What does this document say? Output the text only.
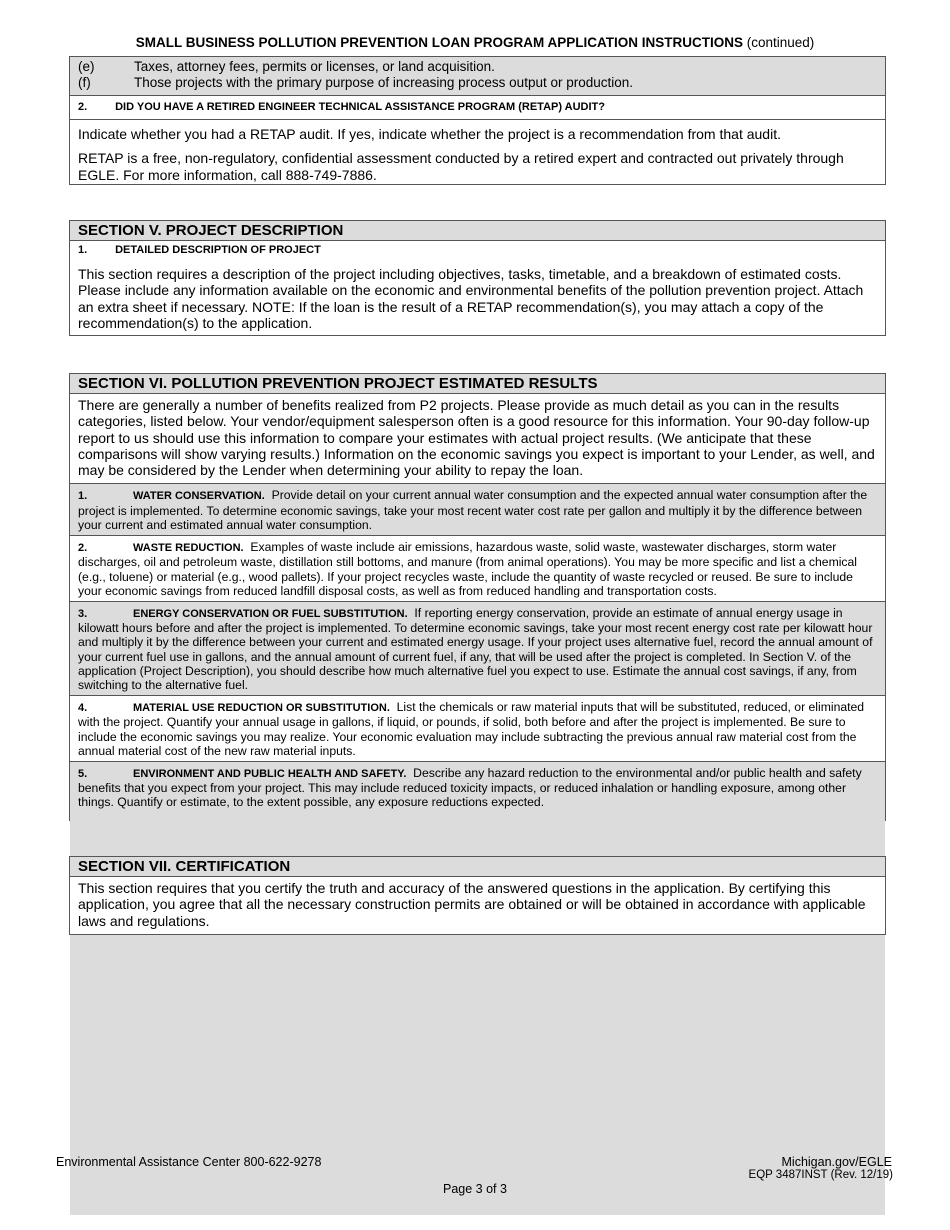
SMALL BUSINESS POLLUTION PREVENTION LOAN PROGRAM APPLICATION INSTRUCTIONS (continued)
(e)	Taxes, attorney fees, permits or licenses, or land acquisition.
(f)	Those projects with the primary purpose of increasing process output or production.
2.	DID YOU HAVE A RETIRED ENGINEER TECHNICAL ASSISTANCE PROGRAM (RETAP) AUDIT?
Indicate whether you had a RETAP audit. If yes, indicate whether the project is a recommendation from that audit.
RETAP is a free, non-regulatory, confidential assessment conducted by a retired expert and contracted out privately through EGLE. For more information, call 888-749-7886.
SECTION V. PROJECT DESCRIPTION
1.	DETAILED DESCRIPTION OF PROJECT
This section requires a description of the project including objectives, tasks, timetable, and a breakdown of estimated costs. Please include any information available on the economic and environmental benefits of the pollution prevention project. Attach an extra sheet if necessary. NOTE: If the loan is the result of a RETAP recommendation(s), you may attach a copy of the recommendation(s) to the application.
SECTION VI. POLLUTION PREVENTION PROJECT ESTIMATED RESULTS
There are generally a number of benefits realized from P2 projects. Please provide as much detail as you can in the results categories, listed below. Your vendor/equipment salesperson often is a good resource for this information. Your 90-day follow-up report to us should use this information to compare your estimates with actual project results. (We anticipate that these comparisons will show varying results.) Information on the economic savings you expect is important to your Lender, as well, and may be considered by the Lender when determining your ability to repay the loan.
1.	WATER CONSERVATION. Provide detail on your current annual water consumption and the expected annual water consumption after the project is implemented. To determine economic savings, take your most recent water cost rate per gallon and multiply it by the difference between your current and estimated annual water consumption.
2.	WASTE REDUCTION. Examples of waste include air emissions, hazardous waste, solid waste, wastewater discharges, storm water discharges, oil and petroleum waste, distillation still bottoms, and manure (from animal operations). You may be more specific and list a chemical (e.g., toluene) or material (e.g., wood pallets). If your project recycles waste, include the quantity of waste recycled or reused. Be sure to include your economic savings from reduced landfill disposal costs, as well as from reduced handling and transportation costs.
3.	ENERGY CONSERVATION OR FUEL SUBSTITUTION. If reporting energy conservation, provide an estimate of annual energy usage in kilowatt hours before and after the project is implemented. To determine economic savings, take your most recent energy cost rate per kilowatt hour and multiply it by the difference between your current and estimated energy usage. If your project uses alternative fuel, record the annual amount of your current fuel use in gallons, and the annual amount of current fuel, if any, that will be used after the project is completed. In Section V. of the application (Project Description), you should describe how much alternative fuel you expect to use. Estimate the annual cost savings, if any, from switching to the alternative fuel.
4.	MATERIAL USE REDUCTION OR SUBSTITUTION. List the chemicals or raw material inputs that will be substituted, reduced, or eliminated with the project. Quantify your annual usage in gallons, if liquid, or pounds, if solid, both before and after the project is implemented. Be sure to include the economic savings you may realize. Your economic evaluation may include subtracting the previous annual raw material cost from the annual material cost of the new raw material inputs.
5.	ENVIRONMENT AND PUBLIC HEALTH AND SAFETY. Describe any hazard reduction to the environmental and/or public health and safety benefits that you expect from your project. This may include reduced toxicity impacts, or reduced inhalation or handling exposure, among other things. Quantify or estimate, to the extent possible, any exposure reductions expected.
SECTION VII. CERTIFICATION
This section requires that you certify the truth and accuracy of the answered questions in the application. By certifying this application, you agree that all the necessary construction permits are obtained or will be obtained in accordance with applicable laws and regulations.
Environmental Assistance Center 800-622-9278	Michigan.gov/EGLE
EQP 3487INST (Rev. 12/19)
Page 3 of 3
